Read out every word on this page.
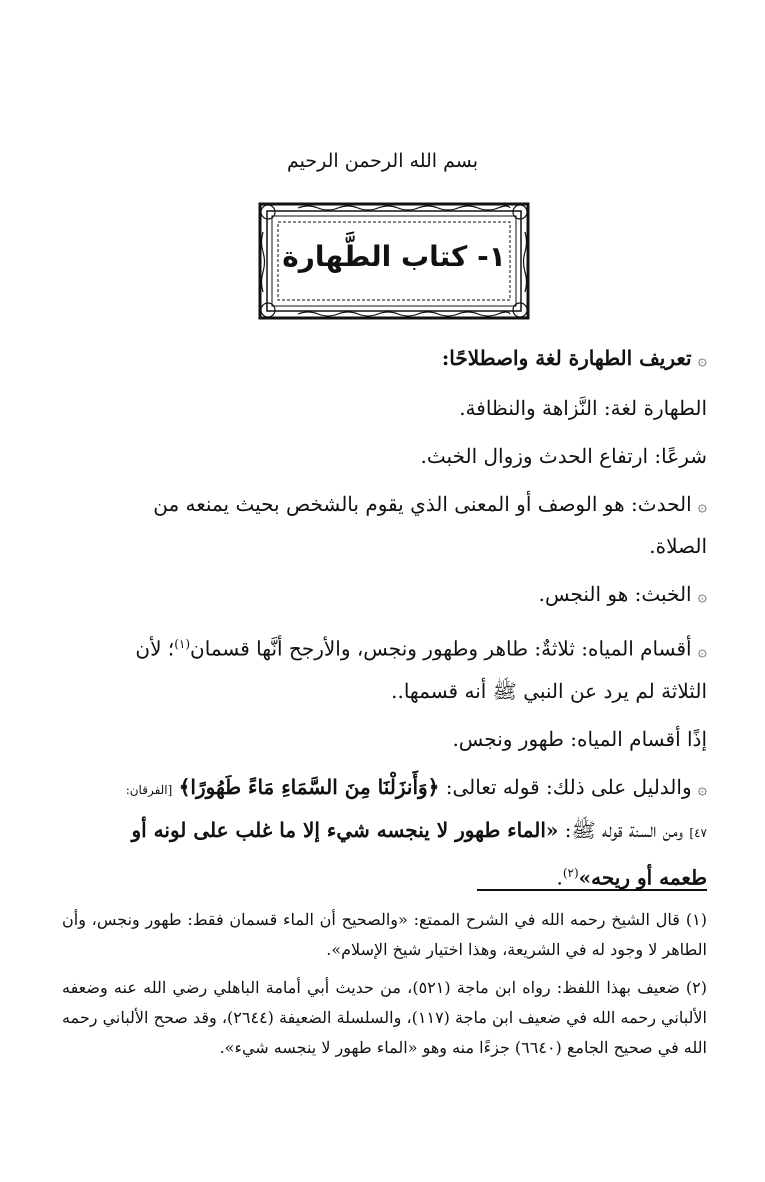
بسم الله الرحمن الرحيم
١- كتاب الطَّهارة

۞تعريف الطهارة لغة واصطلاحًا:

الطهارة لغة: النَّزاهة والنظافة.

شرعًا: ارتفاع الحدث وزوال الخبث.

۞الحدث: هو الوصف أو المعنى الذي يقوم بالشخص بحيث يمنعه من

الصلاة.

۞الخبث: هو النجس.

۞أقسام المياه: ثلاثةٌ: طاهر وطهور ونجس، والأرجح أنَّها قسمان$^{(١)}$؛ لأن

الثلاثة لم يرد عن النبي ﷺ أنه قسمها..

إذًا أقسام المياه: طهور ونجس.

۞والدليل على ذلك: قوله تعالى: ﴿وَأَنزَلْنَا مِنَ السَّمَاءِ مَاءً طَهُورًا﴾ [الفرقان:

٤٧] ومن السنة قوله ﷺ: «الماء طهور لا ينجسه شيء إلا ما غلب على لونه أو

طعمه أو ريحه»$^{(٢)}$.

(١)قال الشيخ رحمه الله في الشرح الممتع: «والصحيح أن الماء قسمان فقط: طهور ونجس، وأن الطاهر لا وجود له في الشريعة، وهذا اختيار شيخ الإسلام».

(٢)ضعيف بهذا اللفظ: رواه ابن ماجة (٥٢١)، من حديث أبي أمامة الباهلي رضي الله عنه وضعفه الألباني رحمه الله في ضعيف ابن ماجة (١١٧)، والسلسلة الضعيفة (٢٦٤٤)، وقد صحح الألباني رحمه الله في صحيح الجامع (٦٦٤٠) جزءًا منه وهو «الماء طهور لا ينجسه شيء».
